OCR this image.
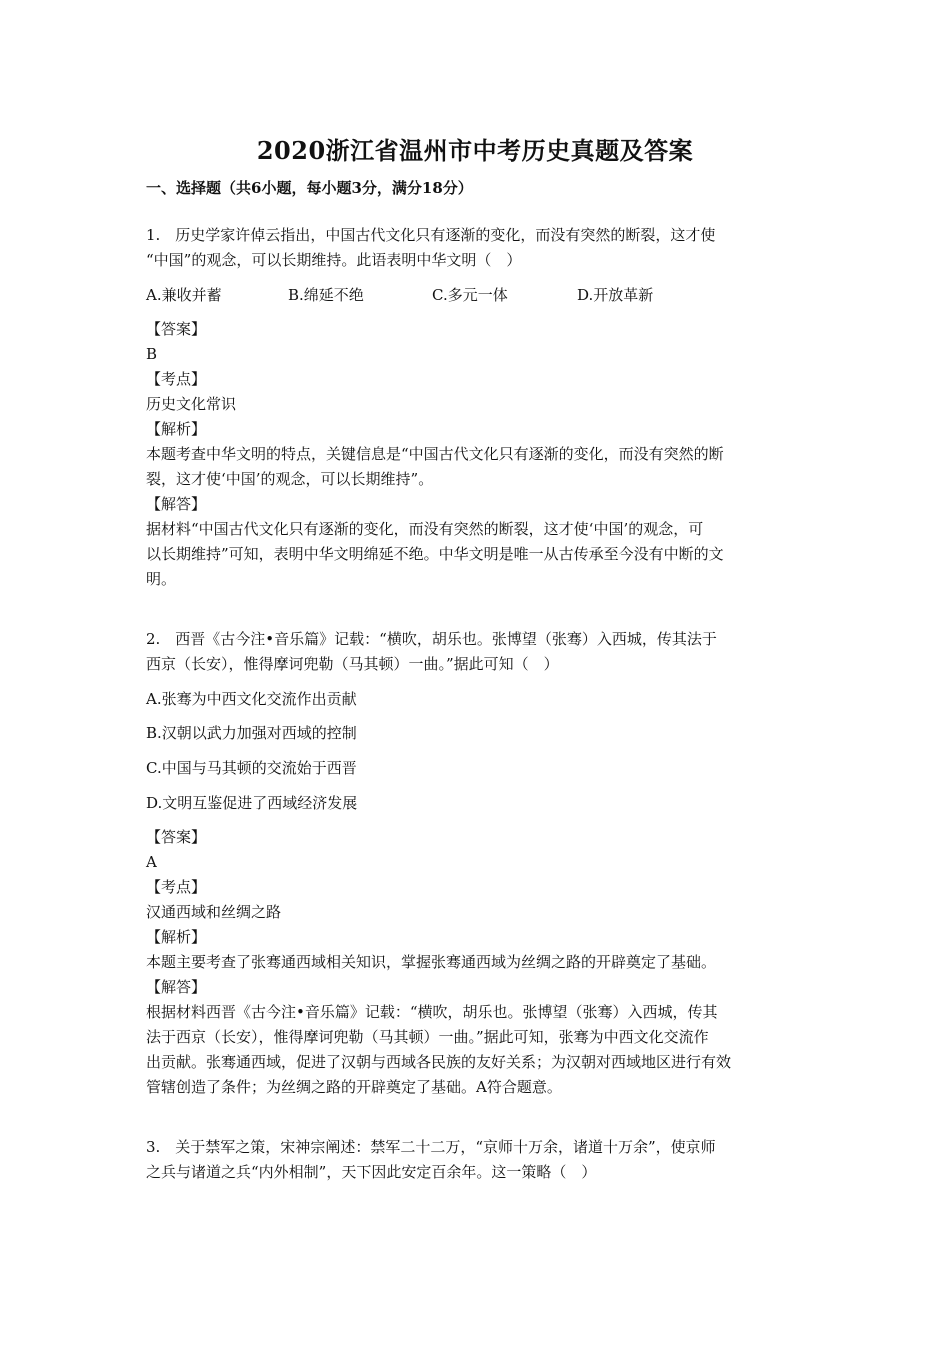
2020浙江省温州市中考历史真题及答案
一、选择题（共6小题，每小题3分，满分18分）
1.　历史学家许倬云指出，中国古代文化只有逐渐的变化，而没有突然的断裂，这才使
“中国”的观念，可以长期维持。此语表明中华文明（　）
A.兼收并蓄	B.绵延不绝	C.多元一体	D.开放革新
【答案】
B
【考点】
历史文化常识
【解析】
本题考查中华文明的特点，关键信息是“中国古代文化只有逐渐的变化，而没有突然的断
裂，这才使‘中国’的观念，可以长期维持”。
【解答】
据材料“中国古代文化只有逐渐的变化，而没有突然的断裂，这才使‘中国’的观念，可
以长期维持”可知，表明中华文明绵延不绝。中华文明是唯一从古传承至今没有中断的文
明。
2.　西晋《古今注•音乐篇》记载：“横吹，胡乐也。张博望（张骞）入西城，传其法于
西京（长安），惟得摩诃兜勒（马其顿）一曲。”据此可知（　）
A.张骞为中西文化交流作出贡献
B.汉朝以武力加强对西域的控制
C.中国与马其顿的交流始于西晋
D.文明互鉴促进了西域经济发展
【答案】
A
【考点】
汉通西域和丝绸之路
【解析】
本题主要考查了张骞通西域相关知识，掌握张骞通西域为丝绸之路的开辟奠定了基础。
【解答】
根据材料西晋《古今注•音乐篇》记载：“横吹，胡乐也。张博望（张骞）入西城，传其
法于西京（长安），惟得摩诃兜勒（马其顿）一曲。”据此可知，张骞为中西文化交流作
出贡献。张骞通西域，促进了汉朝与西域各民族的友好关系；为汉朝对西域地区进行有效
管辖创造了条件；为丝绸之路的开辟奠定了基础。A符合题意。
3.　关于禁军之策，宋神宗阐述：禁军二十二万，“京师十万余，诸道十万余”，使京师
之兵与诸道之兵“内外相制”，天下因此安定百余年。这一策略（　）
